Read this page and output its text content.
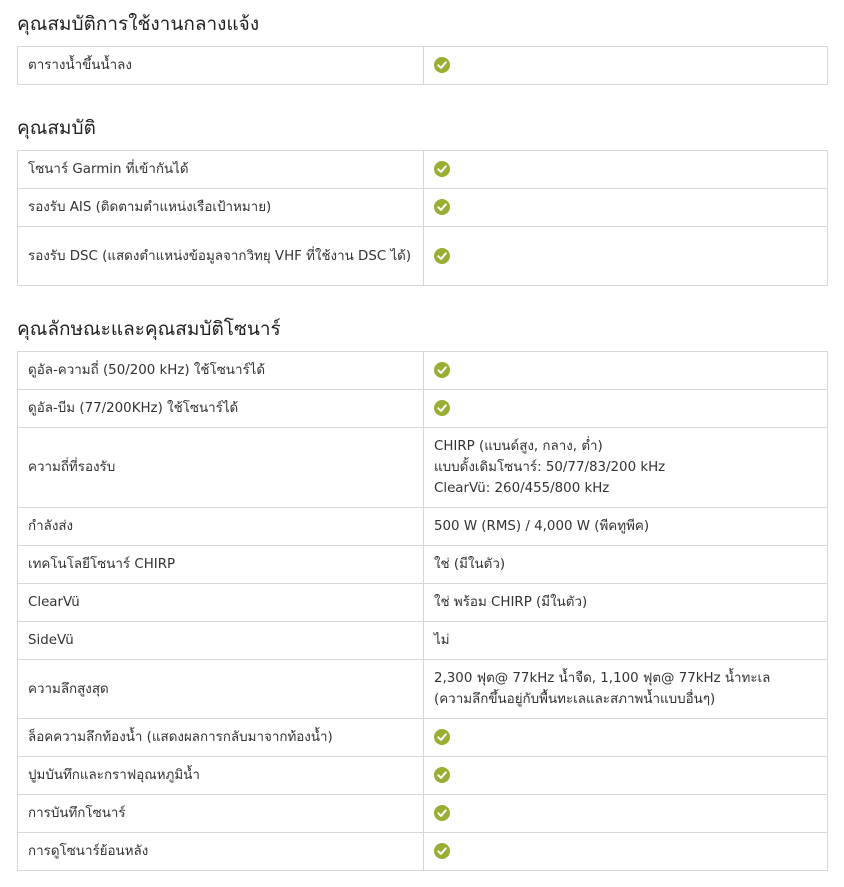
คุณสมบัติการใช้งานกลางแจ้ง
ตารางน้ำขึ้นน้ำลง	
คุณสมบัติ
โซนาร์ Garmin ที่เข้ากันได้	

รองรับ AIS (ติดตามตำแหน่งเรือเป้าหมาย)	

รองรับ DSC (แสดงตำแหน่งข้อมูลจากวิทยุ VHF ที่ใช้งาน DSC ได้)	
คุณลักษณะและคุณสมบัติโซนาร์
ดูอัล-ความถี่ (50/200 kHz) ใช้โซนาร์ได้	

ดูอัล-บีม (77/200KHz) ใช้โซนาร์ได้	

ความถี่ที่รองรับ	CHIRP (แบนด์สูง, กลาง, ต่ำ)
แบบดั้งเดิมโซนาร์: 50/77/83/200 kHz
ClearVü: 260/455/800 kHz

กำลังส่ง	500 W (RMS) / 4,000 W (พีคทูพีค)

เทคโนโลยีโซนาร์ CHIRP	ใช่ (มีในตัว)

ClearVü	ใช่ พร้อม CHIRP (มีในตัว)

SideVü	ไม่

ความลึกสูงสุด	2,300 ฟุต@ 77kHz น้ำจืด, 1,100 ฟุต@ 77kHz น้ำทะเล
(ความลึกขึ้นอยู่กับพื้นทะเลและสภาพน้ำแบบอื่นๆ)

ล็อคความลึกท้องน้ำ (แสดงผลการกลับมาจากท้องน้ำ)	

ปูมบันทึกและกราฟอุณหภูมิน้ำ	

การบันทึกโซนาร์	

การดูโซนาร์ย้อนหลัง	
